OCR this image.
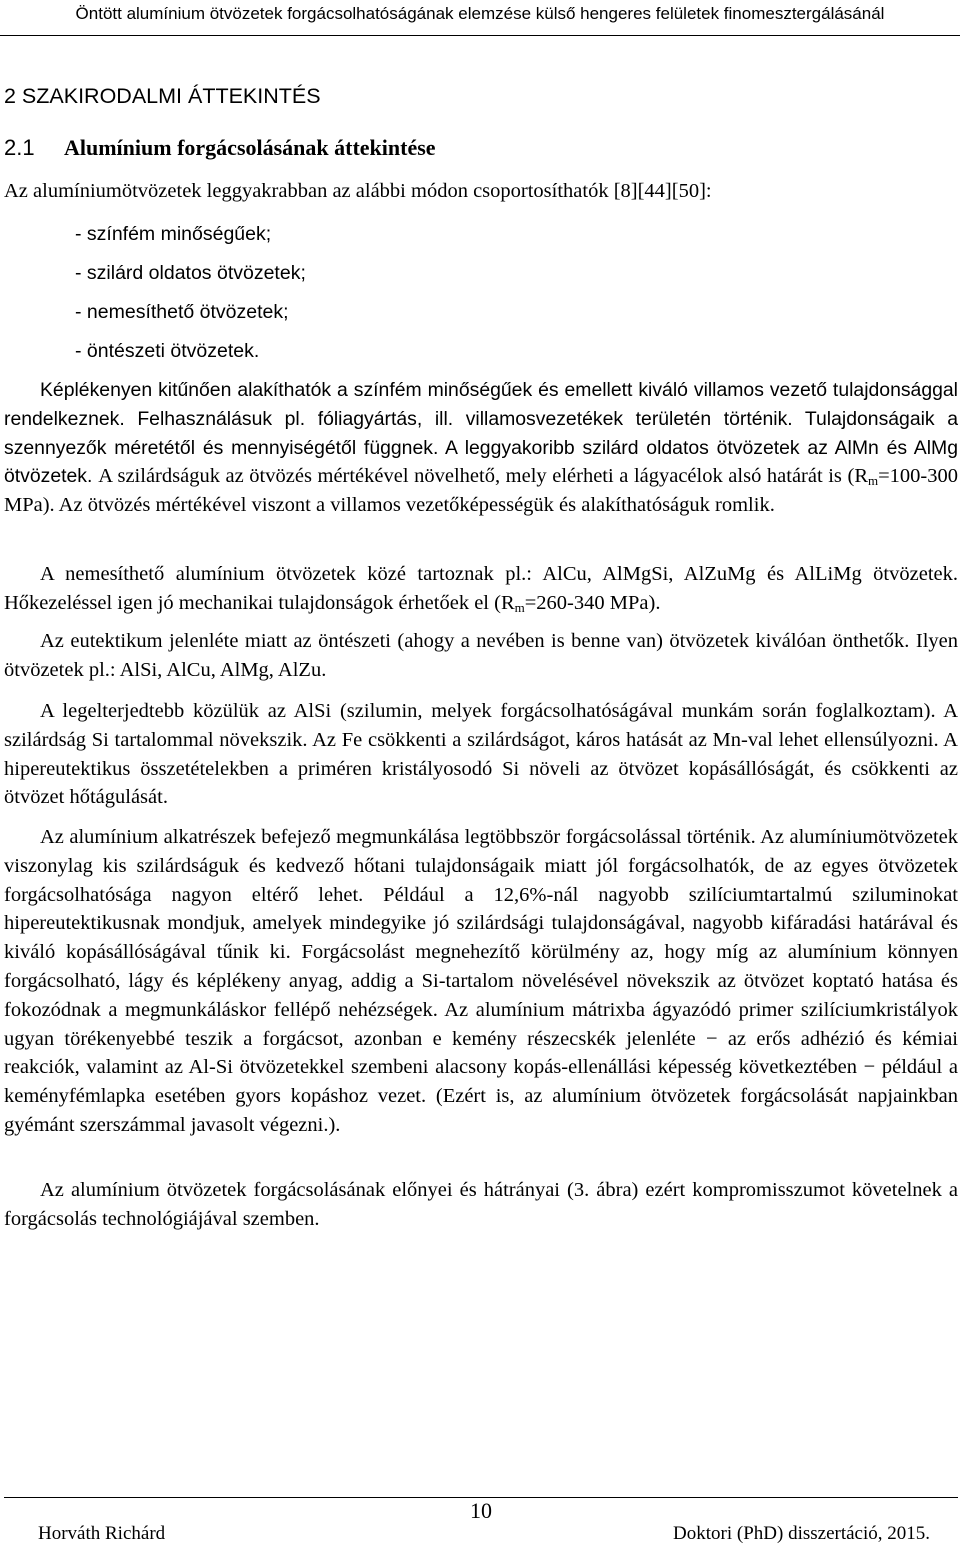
Öntött alumínium ötvözetek forgácsolhatóságának elemzése külső hengeres felületek finomesztergálásánál
2 SZAKIRODALMI ÁTTEKINTÉS
2.1 Alumínium forgácsolásának áttekintése
Az alumíniumötvözetek leggyakrabban az alábbi módon csoportosíthatók [8][44][50]:
- színfém minőségűek;
- szilárd oldatos ötvözetek;
- nemesíthető ötvözetek;
- öntészeti ötvözetek.

Képlékenyen kitűnően alakíthatók a színfém minőségűek és emellett kiváló villamos vezető tulajdonsággal rendelkeznek. Felhasználásuk pl. fóliagyártás, ill. villamosvezetékek területén történik. Tulajdonságaik a szennyezők méretétől és mennyiségétől függnek. A leggyakoribb szilárd oldatos ötvözetek az AlMn és AlMg ötvözetek. A szilárdságuk az ötvözés mértékével növelhető, mely elérheti a lágyacélok alsó határát is ($R_m=100-300$ MPa). Az ötvözés mértékével viszont a villamos vezetőképességük és alakíthatóságuk romlik.

A nemesíthető alumínium ötvözetek közé tartoznak pl.: AlCu, AlMgSi, AlZuMg és AlLiMg ötvözetek. Hőkezeléssel igen jó mechanikai tulajdonságok érhetőek el ($R_m=260-340$ MPa).

Az eutektikum jelenléte miatt az öntészeti (ahogy a nevében is benne van) ötvözetek kiválóan önthetők. Ilyen ötvözetek pl.: AlSi, AlCu, AlMg, AlZu.

A legelterjedtebb közülük az AlSi (szilumin, melyek forgácsolhatóságával munkám során foglalkoztam). A szilárdság Si tartalommal növekszik. Az Fe csökkenti a szilárdságot, káros hatását az Mn-val lehet ellensúlyozni. A hipereutektikus összetételekben a priméren kristályosodó Si növeli az ötvözet kopásállóságát, és csökkenti az ötvözet hőtágulását.

Az alumínium alkatrészek befejező megmunkálása legtöbbször forgácsolással történik. Az alumíniumötvözetek viszonylag kis szilárdságuk és kedvező hőtani tulajdonságaik miatt jól forgácsolhatók, de az egyes ötvözetek forgácsolhatósága nagyon eltérő lehet. Például a 12,6%-nál nagyobb szilíciumtartalmú sziluminokat hipereutektikusnak mondjuk, amelyek mindegyike jó szilárdsági tulajdonságával, nagyobb kifáradási határával és kiváló kopásállóságával tűnik ki. Forgácsolást megnehezítő körülmény az, hogy míg az alumínium könnyen forgácsolható, lágy és képlékeny anyag, addig a Si-tartalom növelésével növekszik az ötvözet koptató hatása és fokozódnak a megmunkáláskor fellépő nehézségek. Az alumínium mátrixba ágyazódó primer szilíciumkristályok ugyan törékenyebbé teszik a forgácsot, azonban e kemény részecskék jelenléte − az erős adhézió és kémiai reakciók, valamint az Al-Si ötvözetekkel szembeni alacsony kopás-ellenállási képesség következtében − például a keményfémlapka esetében gyors kopáshoz vezet. (Ezért is, az alumínium ötvözetek forgácsolását napjainkban gyémánt szerszámmal javasolt végezni.).

Az alumínium ötvözetek forgácsolásának előnyei és hátrányai (3. ábra) ezért kompromisszumot követelnek a forgácsolás technológiájával szemben.

10
Horváth Richárd	Doktori (PhD) disszertáció, 2015.
